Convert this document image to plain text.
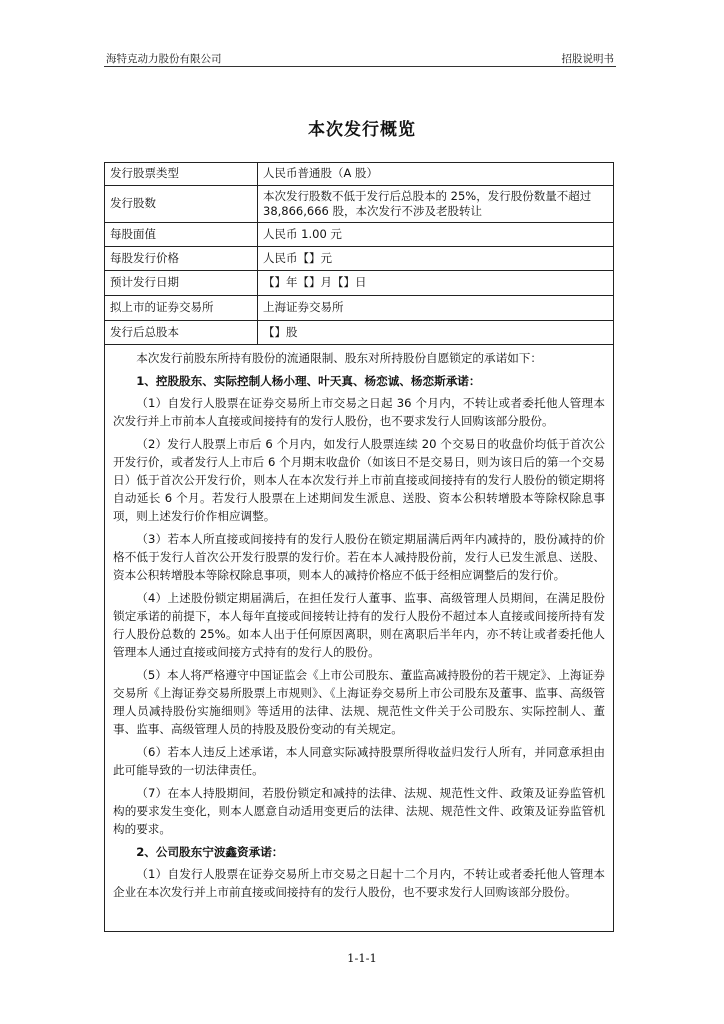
海特克动力股份有限公司	招股说明书
本次发行概览
发行股票类型	人民币普通股（A 股）
发行股数	本次发行股数不低于发行后总股本的 25%，发行股份数量不超过 38,866,666 股，本次发行不涉及老股转让
每股面值	人民币 1.00 元
每股发行价格	人民币【】元
预计发行日期	【】年【】月【】日
拟上市的证券交易所	上海证券交易所
发行后总股本	【】股

本次发行前股东所持有股份的流通限制、股东对所持股份自愿锁定的承诺如下：

1、控股股东、实际控制人杨小理、叶天真、杨恋诚、杨恋斯承诺：

（1）自发行人股票在证券交易所上市交易之日起 36 个月内，不转让或者委托他人管理本次发行并上市前本人直接或间接持有的发行人股份，也不要求发行人回购该部分股份。

（2）发行人股票上市后 6 个月内，如发行人股票连续 20 个交易日的收盘价均低于首次公开发行价，或者发行人上市后 6 个月期末收盘价（如该日不是交易日，则为该日后的第一个交易日）低于首次公开发行价，则本人在本次发行并上市前直接或间接持有的发行人股份的锁定期将自动延长 6 个月。若发行人股票在上述期间发生派息、送股、资本公积转增股本等除权除息事项，则上述发行价作相应调整。

（3）若本人所直接或间接持有的发行人股份在锁定期届满后两年内减持的，股份减持的价格不低于发行人首次公开发行股票的发行价。若在本人减持股份前，发行人已发生派息、送股、资本公积转增股本等除权除息事项，则本人的减持价格应不低于经相应调整后的发行价。

（4）上述股份锁定期届满后，在担任发行人董事、监事、高级管理人员期间，在满足股份锁定承诺的前提下，本人每年直接或间接转让持有的发行人股份不超过本人直接或间接所持有发行人股份总数的 25%。如本人出于任何原因离职，则在离职后半年内，亦不转让或者委托他人管理本人通过直接或间接方式持有的发行人的股份。

（5）本人将严格遵守中国证监会《上市公司股东、董监高减持股份的若干规定》、上海证券交易所《上海证券交易所股票上市规则》、《上海证券交易所上市公司股东及董事、监事、高级管理人员减持股份实施细则》等适用的法律、法规、规范性文件关于公司股东、实际控制人、董事、监事、高级管理人员的持股及股份变动的有关规定。

（6）若本人违反上述承诺，本人同意实际减持股票所得收益归发行人所有，并同意承担由此可能导致的一切法律责任。

（7）在本人持股期间，若股份锁定和减持的法律、法规、规范性文件、政策及证券监管机构的要求发生变化，则本人愿意自动适用变更后的法律、法规、规范性文件、政策及证券监管机构的要求。

2、公司股东宁波鑫资承诺：

（1）自发行人股票在证券交易所上市交易之日起十二个月内，不转让或者委托他人管理本企业在本次发行并上市前直接或间接持有的发行人股份，也不要求发行人回购该部分股份。

1-1-1
